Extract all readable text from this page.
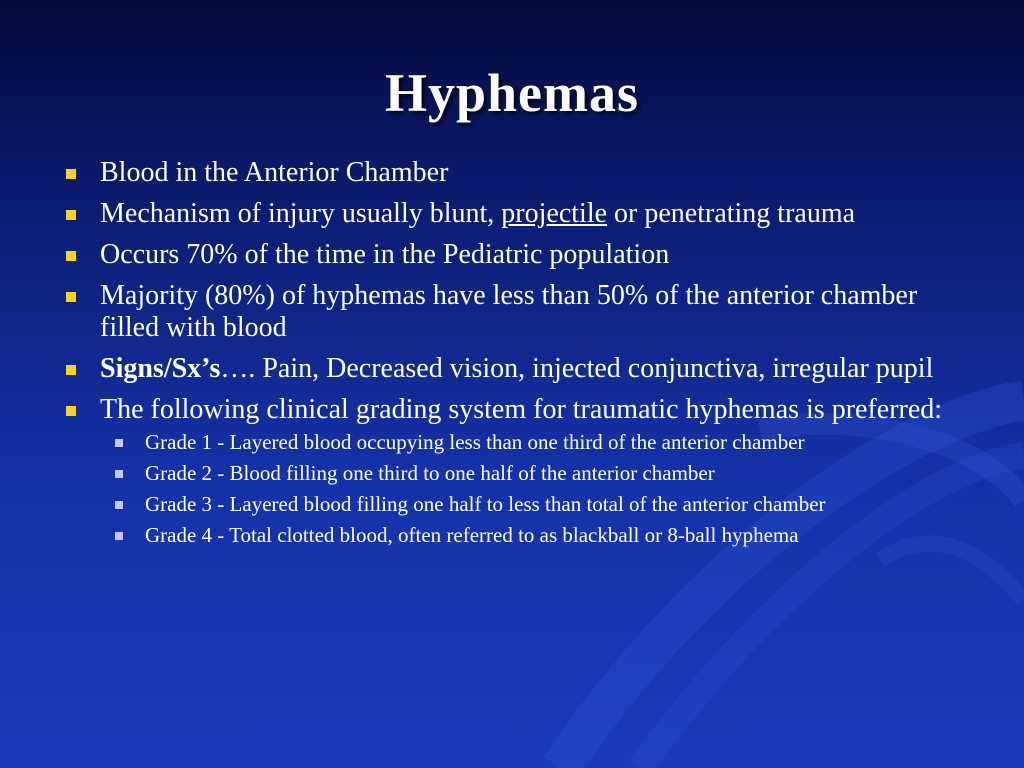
Hyphemas
Blood in the Anterior Chamber
Mechanism of injury usually blunt, projectile or penetrating trauma
Occurs 70% of the time in the Pediatric population
Majority (80%) of hyphemas have less than 50% of the anterior chamber filled with blood
Signs/Sx’s…. Pain, Decreased vision, injected conjunctiva, irregular pupil
The following clinical grading system for traumatic hyphemas is preferred:
Grade 1 - Layered blood occupying less than one third of the anterior chamber
Grade 2 - Blood filling one third to one half of the anterior chamber
Grade 3 - Layered blood filling one half to less than total of the anterior chamber
Grade 4 - Total clotted blood, often referred to as blackball or 8-ball hyphema
